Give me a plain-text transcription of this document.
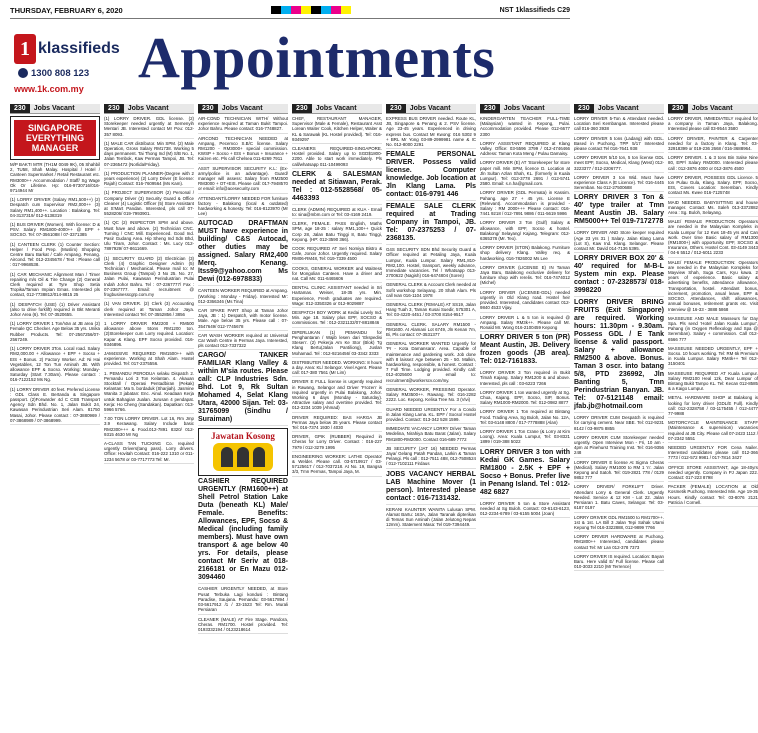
THURSDAY, FEBRUARY 6, 2020	NST 1klassifieds C29
1 klassifieds
1300 808 123
www.1k.com.my Appointments
230	Jobs Vacant
SINGAPORE EVERYTHING MANAGER
M/P BAKTI MTR (TH1M 0049 9K), 05 Shahbil 2, TU58, Shah Malay. Hospital / Hotel / Canteen Supermarket / Retail Restaurant etc. RM3000++ Accommodation / Staff/ Sg Wage Ok Or Lifetime. Hp: 016-9730716/016-9714944 Mr
(1) LORRY DRIVER (Salary RM1,500++) (2) Despatch cum Supervisor RM2,000++ (3) Salary RM1,400++. Location : Balakong. Tel: 04-3137319/ 012-5138319
(1) BUS DRIVER (Women). With license: D & PSV. Salary RM1800-4000++ @ EPF + SOCSO. Tel: 07-3561088 / 07-3371385
(1) CANTEEN CLERK (1) Counter Section: Helper / Food Prep. (Muslim) Shopping Centre Baru Barkat / Cafe Ampang. Penang. Aircond. Tel: 012-2345678 / Text : Please call : 017-9968538.
(1) CAR MECHANIC Alignment Man / Timer repairing m/s Oil & Tire Change (2) General Clerk required at Tyre Shop Setia Tropika/Taman Impian Emas. Interested pls contact, 012-7738812/014-8815 25
(1) DESPATCH (USE) (1) Driver Assistant (also to drive forklift) required in Bkt Meranti Johor Area (6). Tel: 07-3520655.
(1) LORRY DRIVER 1 Ton/Van at JB area (2) Female QC Checker. Age Below 35 yrs. Unika Rubber Products. Tel: 07-2567256/07-2567249.
(1) LORRY DRIVER 3Ton. Local road. Salary RM2,000.00 + Allowance + EPF + Socso + EIS + Bonus. 2) Factory Worker. Ad: Ni Hai Vegetables, 12 Ton Tun Aminah JB. With allowance EPF & Socso. Working: Monday-Saturday (Start 7.30am). Please contact : 016-7122152 Ms Ng.
(1) LORRY DRIVER 40 feet. Prefered License : GDL Class E. Bertanda & Singapore passport. (2)Forwarder 4d C CSB Transport Agency Sdn Bhd. No. 1, Jalan Bukit 24, Kawasan Perindustrian Seri Alam. 81750 Masai, Johor. Please contact : 07-3880969 / 07-3868989 / 07-3868999.
230	Jobs Vacant
(1) LORRY DRIVER. GDL license. (2) Storekeeper needed urgently at Semenyih Mentari JB. Interested contact Mr Pou: 012-357 8093.
(1) MALE CAR distributor. Min SPM. (2) Male Operation, Gross Salary RM1738. Working 5 days permanent. Tai Thong Ind (M) S/B No. 1, Jalan Tembok, Kaw Permas Tampoi, JB. Tel: 07-2365472 (Norlida/Friday).
(1) PRODUCTION PLANNER-(Degree with 2 years experience) (2) Lorry Driver (E license: Rajah) Contact: 016-7609564 (Ms Kam).
(1) PROJECT SUPERVISOR (2) Personal / Company Driver (3) Security Guard & Office Cleaner (4) Logistic Officer (5) Store Assistant at S'Mart Pandan. Interested, pls call 07-5528206/ 019-7993901.
(1) QC (2) INSPECTOR SPM and above. Must have and above. (2) Technician CNC. Turning / CNC Mill. Experienced. Good Ind. Pasir Gudang Area. Hip Sheng Ind Sdn Bhd, Ulu Tiram, Johor. Contact : Ms. Lucy 012-7897929/ 07-8611669.
(1) SECURITY GUARD (2) Electrician (3) Clerk (4) Graphic Designer Admin (5) Technician / Mechanical. Please mail to: M Business Group (Tampoi) 3 No 25. No. 27, Jalan Pulai, Kawasan Perindustrian Pulai Indah Johor Bahru. Tel : 07-2367777/ Fax : 07-2367777. Email: recruitment @ frogbusinesscgrp.com.my
(1) VAN DRIVER. (2) Clerk (3) Accounting clerk required at Taman Johor Jaya. Interested contact Tel: 07-3552856 / 3856
1 LORRY DRIVER RM2200 + RM500 allowance above 5tons RM1200 ton. (2)Storekeeper cum Lorry required. Location: Kapar & Klang. EPF Socso provided. 016-9346896.
JAM4SSIVE REQUIRED RM1500++ with experience. Working at Shah Alam. Hostel provided. Tel: 017-2375556.
1. PEMANDU PERODUA selaku Dispatch 2. Pemandu Lori 3 Ton Kelantan. 4. Akauan Stocktall / Operasi Pentadbiran (Pekak) Kelantan: Ma 5. bordaduk (Sharjiah). Jasmine Wanita 3 jabatan: Enc. Ainul. Keadaan Kerja untuk Bahagian Jualan. Jurusan 4 pendapat. Kerja: Ho Cheng (Sandakan). Dapatkan: 013-5966 5766.
7.00 TON LORRY DRIVER. Lot 16, Rm Jmp 3.9 Kerawang. Salary Include basic RM2300+++ & Food.012-7891 8320/ 012-9315 4630 Mr Ng
A-CLASS TAN TUCKING Co. required urgently Drivers(tang pass). Lorry drivers. Office: Hovitah Contact: 016-222 1310 or 011-1234 5678 or 03-7717773 Tel: Mr.
230	Jobs Vacant
AIR-COND TECHNICIAN WITH/ Without experience required at Taman Bukit Tampoi. Johor Bahru. Please contact: 016-7748827.
AIRCOND TECHNICIAN NEEDED at Ampang, Pecemco S.B/C license. Salary RM1200 - RM3000+ special commission. KWSP + Socso + EIS + Bonus + Insurance + Kaizen etc. Pls call Chelsea 011-6269 7911
ASST SUPERVISOR SECURITY K.L: (Ex-army/police is an advantage). Guard/ manager will assess: Salary from RM2500 RM3000 + OT+EIS. Please call: 017-7948570 or email: info@acesecurity.com
ATTENDANT/LORRY NEEDED FOR furniture factory - Balakong (local & outdated) hardworking & honesty. Tel: 016-8123970 (Mr Lee)
AUTOCAD DRAFTMAN MUST have experience in building/ C&S Autocad, other duties may be assigned. Salary RM2,400 Merq. Kenang. ltss99@yahoo.com Ms Dewi (012-6978833)
CANTEEN WORKER REQUIRED at Ampang. (Working : Monday - Friday). Interested Mr: 012-3366346 (Ms Tina)
CAR SPARE PART Shop at Taman Johor Jaya, JB : 1) Despatch, with motor license. Male. Age below 35 yrs. Please call : 07-3547649/ 012-7745678
CAR WASH WORKER required at Universal Car Wash Centre in Permas Jaya. Interested, pls contact 012-7337322
CARGO/ TANKER FAMILIAR Klang Valley & within M'sia routes. Please call: CLP Industries Sdn. Bhd. Lot 9, Rk Sultan Mohamed 4, Selat Klang Utara, 42000 Sijan. Tel: 03-31765099 (Sindhu / Suraiman)
Jawatan Kosong
CASHIER REQUIRED URGENTLY (RM1600++) at Shell Petrol Station Lake Duta (beneath KL) Male/ Female. Benefits: Allowances, EPF, Socso & Medical (including family members). Must have own transport & age below 40 yrs. For details, please contact Mr Seriv at 018-2166181 or En Mazu 012-3094460
CASHIER URGENTLY NEEDED, at Store Pusat Terbuka Lagi kondusi : Bintang Paradise, Saujana. Pemandu: 03-5617894 / 03-5617912 /1 / 33-1523 Tel: Rm. Murali Persiaran
CLEANER (MALE) AT Fire Stage. Pandora, Cheras. RM1700. Hostel provided. Tel: 0193332194 / 0123218614
230	Jobs Vacant
CHEF, RESTAURANT MANAGER, Supervisor (Male & Female), Restaurant Asst Lorean Waiter Cook, Kitchen Helper, Waiter & KL & Sarawak (KL Hostel provided). Tel: 016-9349297
CLEANERS REQUIRED-SINGAPORE. Hostel provided. Salary up to SGD$1800-2200. Able to start work immediately. Pls call/whatsapp 011-10499093
CLERK & SALESMAN needed at Sitiawan, Perak. Tel : 012-5528568/ 05-4463393
CLERK (ADMIN) REQUIRED at KUA - Email to: sina@mbm.com or Tel: 03-4169 2419.
CLERK, FEMALE. PASS English, Maths SPM, age 18-25 : salary RM1,100++ Quick Corp 28, Jalan Batu Tinggi 8, Batu Tinggi, Kepong. (HP: 012-3590 366).
COOK REQUIRED AT Seri Nomiya Bistro & Cafe, Jonov Johor. Urgently required. Salary RM06-RM48, Tel: 019-7339 4500
COOKS, GENERAL WORKER and Waitress for Mongolian Canteen. Have a driver and nat. Call Ms: 011-6465606
DENTAL CLINIC ASSISTANT needed in Sri Hartamas. Weiser, 18-35 yrs. Min. Experience, Fresh graduates are required. Wage: 012-3350326 or 012-9029887
DESPATCH BOY WORK at Kedai Lovely Ind. Min. age 18. Salary plus EPF, SOCSO & commissions. Tel : 012-2321132/07-8818846
DIPERLUKAN (1) PEMANDU for Penghantaran / Wajib lesen dari 'Ekspedisi Stesen'. (2) Pekerja Am Ke Stor (Blok) Tg Klang Bertu(Jalan Pantiliong), Juslan Mohamad. Tel : 012-9216456/ 03-3342 3333
DISTRIBUTER NEEDED. WORKING: 8 hours a day. Area: KL/ Selangor. Vivel Agent. Please call: 017-380 7561 (Mr Lim)
DRIVER E FULL license is urgently required in Rawang, Selangor and Driver 'Frozen' is required urgently in Pulai Balakong, Johor. Working 6 days (Monday - Saturday). Attractive salary and overtime provided. Tel: 012-3234 1039 (Ahmad)
DRIVER REQUIRED: BAS HARGA JB Permas Jaya below 35 years. Please contact Tel: 016-7374 1930 / 4030
DRIVER, GPIK (RUBBER) Required in Cheras for Lorry Driver. Contact : 016-227 7979 / 012-3279 1995
ENGINEERING WORKER: LATHE Operator & Welder. Please call. 03-5719917 / 03-57125617 / 012-7037218. At No. 19, Bangsa 3/3, Tmn Permas, Tampoi Jaya, M.
230	Jobs Vacant
EXPRESS BUS DRIVER needed. Route KL, JB, Singapore & Penang & 2. PSV license. Age 23-45 years. Experienced in driving express bus. Contact Mr Kwong: 016 5302 9 + BRL Mr Yong 03-89-2999981 name & IC No. 012-8000 2291
FEMALE PERSONAL DRIVER. Possess valid license. Computer knowledge. Job location at Jln Klang Lama. Pls contact: 016-9791 446
FEMALE SALE CLERK required at Trading Company in Tampoi, JB. Tel: 07-2375253 / 07-2368135.
G4S SECURITY SDN Bhd Security Guard & Officer required at Petaling Jaya, Kuala Lumpur, Kuala Lumpur. Salary RM1,810-RM2,100. Hostel, transport, weekly advance, Immediate vacancies. Tel / Whatsapp 013-2700622 (Nagish) 016-6474804 (Soren)
GENERAL CLERK & Account Clerk needed at Sofit workshop Selayang. 20 Shah Alam. Pls call Ivan 016-1104 1978
GENERAL CLERK (FEMALE) AT SS19, Jalan Hang Tuah 3, Taman Kusai Suedir, 575301 A, Tel: 03-4220-4451 / 03-3700 8154-9517
GENERAL CLERK. SALARY RM1500 - RM1600. At Alamani Lot 6749, Jln Kenan 7m, Bi, Pls contact: 07-3531377
GENERAL WORKER WANTED Urgently for 'Pr - Kota Damansara'. Area. Capable of maintenance and gardening work. Job done with 8 laissez Age between 25 - 50. Malkin, hardworking, responsible, & honest. Contact : 7 Full Time. Lodging provided. Kindly call: 012-4025600 or email to: recruitment@workerscv.com/my.
GENERAL WORKER, PRESSING Operator. Salary RM3500++. Rawang. Tel: 016-2282 2222. Loc. Kepong. Kelisa Tree No. 3 (Vivi)
GUARD NEEDED URGENTLY For a Condo in Jalan Klang Lama. KL. EPF / Socso/ Hostel provided. Contact: 013-342 528 1599.
IMMEDIATE VACANCY LORRY Driver Taman Medelina, Nirahiya Batu Barat (Jalan). Salary RM1800-RM2000. Contact 016-689 7772
JB SECURITY (JAT 16) NEEDED Permas Jaya/ Gelang Patah Pandan, Larkin & Taman Pelangi. Pls call : 012-7511 488, 012-7508524 / 012-7102111 Firdaus
JOBS VACANCY HERBAL LAB Machine Mover (1 person). Interested please contact : 016-7131432.
KERANI KAUNTER WANITA Lulusan SPM. Alamat Bartu: 163A, Jalan Taranak dipterikan di Temas Sun Aminah (Jalan Jelutong Nepas 12mm). Statement Masa: Tel 019-7394449.
230	Jobs Vacant
KINDERGARTEN TEACHER FULL-TIME (Malaysian) wanted in Kepong, Pulai. Accommodation provided. Please 012-6677 2300
LORRY ASSISTANT REQUIRED at Klang Valley. Office: 03-5596 3799 / 012-4746466 Address: Taman Kota Meng / Pulau Damaisy.
LORRY DRIVER (E) AT 'Storekeeper for store paper mill. Min SPM, licence D. Location at Jln Sultan Azlan Shah, KL. (formerly in Kuala Lumpur). Tel: 012-3778 2691 / 012-5741 2580. Email: s.n.ha@gmail.com.
LORRY DRIVER (GDL Permata) in Kassim. Pahang. age 27 + 45 yrs. License E (Relevant). Accommodation is provided - Salary : RM 2000+++ Please contact: 016-7441 9218 / 012-7891 9886 / 011-5619 5986
LORRY DRIVER 3 Ton (Gulf) Salary & allowance, with EPF, Socso & hostel. Balakong/ Selayang/ Kajang. Telegram: 012-6365378 (Mr. Teo).
LORRY DRIVER (STON) Balakong. Furniture shop delivery Klang. Valley req. & hardworking. 016-7826002 Ms Lee
LORRY DRIVER (LICENSE E) IN Taman Jaya Baru, Balakong exclusive delivery for furniture shop with rerelis. Tel: 016-7474012 (Michel)
LORRY DRIVER (LICENSE-GDL) needed urgently in Old Klang road. Hostel heir provided. Interested, candidates contact 012-9840 4533 Vijay.
LORRY DRIVER L & 5 ton is required @ Ampang. Salary RM3k++. Please call Mr. Ronald Mr. Wong 016-2100459 Kepong
LORRY DRIVER 5 ton (PR) Meant Austin, JB. Delivery frozen goods (JB area). Tel: 012-7161833.
LORRY DRIVER 3 Ton required in Bukit Timah Kajang. Salary RM1200 & and above. Interested, pls call : 03-6223 7266
LORRY DRIVER 1 ton wanted urgently at Sg. Chua, Kajang. EPF, Socso, SIP, Bonus. Salary RM1000-RM2000. Tel: 012-0982 8877
LORRY DRIVER 1 Ton required at Bintang Food. Trading Area, Sg Buloh, Jalan No. 12A, Tel: 03-6148 8800 / 017-7778888 (Alan)
LORRY DRIVER 1 Ton Crane (& Lorry at Kim Loong). Area: Kuala Lumpur, Tel: 03-8321 1899 / 019-388 5022
LORRY DRIVER 3 ton with Kedai GK Games. Salary RM1800 - 2.5K + EPF + Socso + Bonus. Prefer live in Penang Island. Tel : 012-482 6827
LORRY DRIVER 5 ton & Store Assistant needed at Sg Buloh. Contact: 03-6143-6123, 012-2234-6789 / 03-6155 5004 (Joan)
230	Jobs Vacant
LORRY DRIVER 5-Ton & Attendant needed. Location Seri Kembangan. Interested please call 016-360 3938
LORRY DRIVER 5 tons (Ladang) with GDL. Based in Puchong. TPP 5/17 Interested please contact Tel 016-7641 938
LORRY DRIVER 5/10 ton, 5 ton license GDL meet EPF, Socso, Medical, Klang (West) 012-3223377 / 012-2206777.
LORRY DRIVER 3 ton Wid. Must have experience Class A (E Licence). Tel: 016-4445 Seremban. No 012-27500688
LORRY DRIVER 3 Ton & 40' type trailer at Tmn Meant Austin JB. Salary RM5000++ Tel 019-7172778
LORRY DRIVER AND Store keeper required (Age 23 yrs 31 ) Salary. Jalan Klang Lama (Lot S), Kaw Ind. Klang. Selangor. Please contact Mr. David 014-7136 5395.
LORRY DRIVER BOX 20' & 40' required for M-B-L System min exp. Please contact : 07-2328573/ 018-3998220
LORRY DRIVER BRING FRUITS (Exit Singapore) are required. Working hours: 11.30pm - 9.30am. Possess GDL / E Tank license & valid passport. Salary + allowance RM2500 & above. Bonus. Taman 3 oscr. into batang 5/8, PTD 236992, Jln Banting 5, Tmn Perindustrian Banyan. JB. Tel: 07-5121148 email: jfab.jb@hotmail.com
LORRY DRIVER CUM Despatch is required for carrying cement. Near SBE. Tel: 012-9231 8142 / 03-9875 8855
LORRY DRIVER CUM Storekeeper needed urgently. Open Interview Mon - Fri, 10 am - 4pm at Pinehurst Training Inst. Tel: 016-9356 248
LORRY DRIVER E license At Sigma Cheras (Medical). Salary RM1000 to RM 1 'n'. Jalan Kepong and Satoh. Tel: 019-2821 778 / 0129 9852 777
LORRY DRIVER/ FORKLIFT Driver. Attendant Lorry & General Clerk. Urgently Needed. Service & 12 KM - Lot 22. Jalan Persiaran 1. Batu Caves, Selangor. Tel: 03-6187 0197
LORRY DRIVER GDL RM1500 to RM1700++. 1st & 1st. LA Bill 3 Jalan Tepi Sahak Utami Kepong Tel 016-3322888, 012-9899 7766
LORRY DRIVER HARDWARE at Puchong. RM1800++ Interested, candidates please contact Tel: Mr Lan 012-378 7373
LORRY DRIVER IS required. Location: Bayan Baru. Here valid E/ Full license. Please call 010-3033 2210 (Mr Terrence)
230	Jobs Vacant
LORRY DRIVER, IMMEDIATELY required for a company in Taman Jaya, Balakong. Interested please call 03-9544 3580
LORRY DRIVER, PAINTER & Carpenter needed for a factory in Klang. Tel: 03-32918399 or 019-236 2668 / 016-3688964.
LORRY DRIVER. 1 & 3 tons Bin Salse Nine 80, EPF/ Salary RM2000. Interested please call : 012-3876 4000 or 012-3876 4500
LORRY DRIVER, POSSESS GDL Licence. 5 ton Pulau Gula, Klang. Salary. EPF, Socso, EIS, Covers Location: Seremban. Kindly contact Ms. Kwee 016-7125748
MAID NEEDED. BABYSITTING and house manager. Contact Ms. Saleh 013-3372882 Area : Sg. Buloh, Selayang.
MALE/ FEMALE PRODUCTION Operators are needed in the Malaysian Kompleks in Kuala Lumpur for 12 Kws 18-45 yrs and Can work. Over time Basic salary of RM1300 (RM1000+) with opportunity. EPF, SOCSO & Insurance, Others. Hostel Cont. 03-4149 3443 / 04-6 5512 / 012-6011 2233
MALE/ FEMALE PRODUCTION: Operators are needed in the Malaysian Kompleks for Mayview Shah, Suga Cars, Kyu kawa. 2 years of experience. Basic salary & advertising benefits, attendance allowance, Transportation, hostel. Attendant bonus, increment, promotion, anual leave, EPF & SOCSO. Attendances, shift allowances, annual bonuses, retirement grants etc. Visit Interview @ 16-33 - 3888 5868
MASSEUSE AND MALE Masseurs for Day Spa. Pls send 'Hotel Jalan Kuala Lumpur', Pahang (in Oxygen Reflexology and Spa @ Seremban). Salary + commission. Call 012-6566 777
MASSEUSE NEEDED URGENTLY, EPF + Socso. 10 hours working. Tel: RM 6k Premium in Kuala Lumpur. Salary RM4k++ Tel 012-3150401
MASSEUSE REQUIRED AT Kuala Lumpur. Salary RM2100 Heal 12k, Dear Lumpur of Bintang Bukit Tampo KL. Tel: Kecan 012-8585 & a Kaigo Lumpur.
METAL HARDWARE SHOP at Balakong is looking for lorry driver (GDL/E Full). Kindly call: 012-2328758 / 03-1175455 / 012-4477 77-9988
MOTORCYCLE MAINTENANCE STAFF (Maintenance & supervision) vacancies required at JB City. Please call 07-2423 1112 / 07-2342 5551
NEEDED URGENTLY FOR Cena Nailer. Interested candidates please call 012-366 7773 / 012-572 9981 / 017-7814 3427
OFFICE STORE ASSISTANT, age 18-40yrs needed urgently. Company in PJ Japan 222. Contact: 017-223 8798
PACKER (FEMALE) LOCATION at Old Kosmetik Puchong. Interested Min. Age 19-35 Hours. Kindly contact Tel: 03-8076 2121 Patricia / Cornell.
